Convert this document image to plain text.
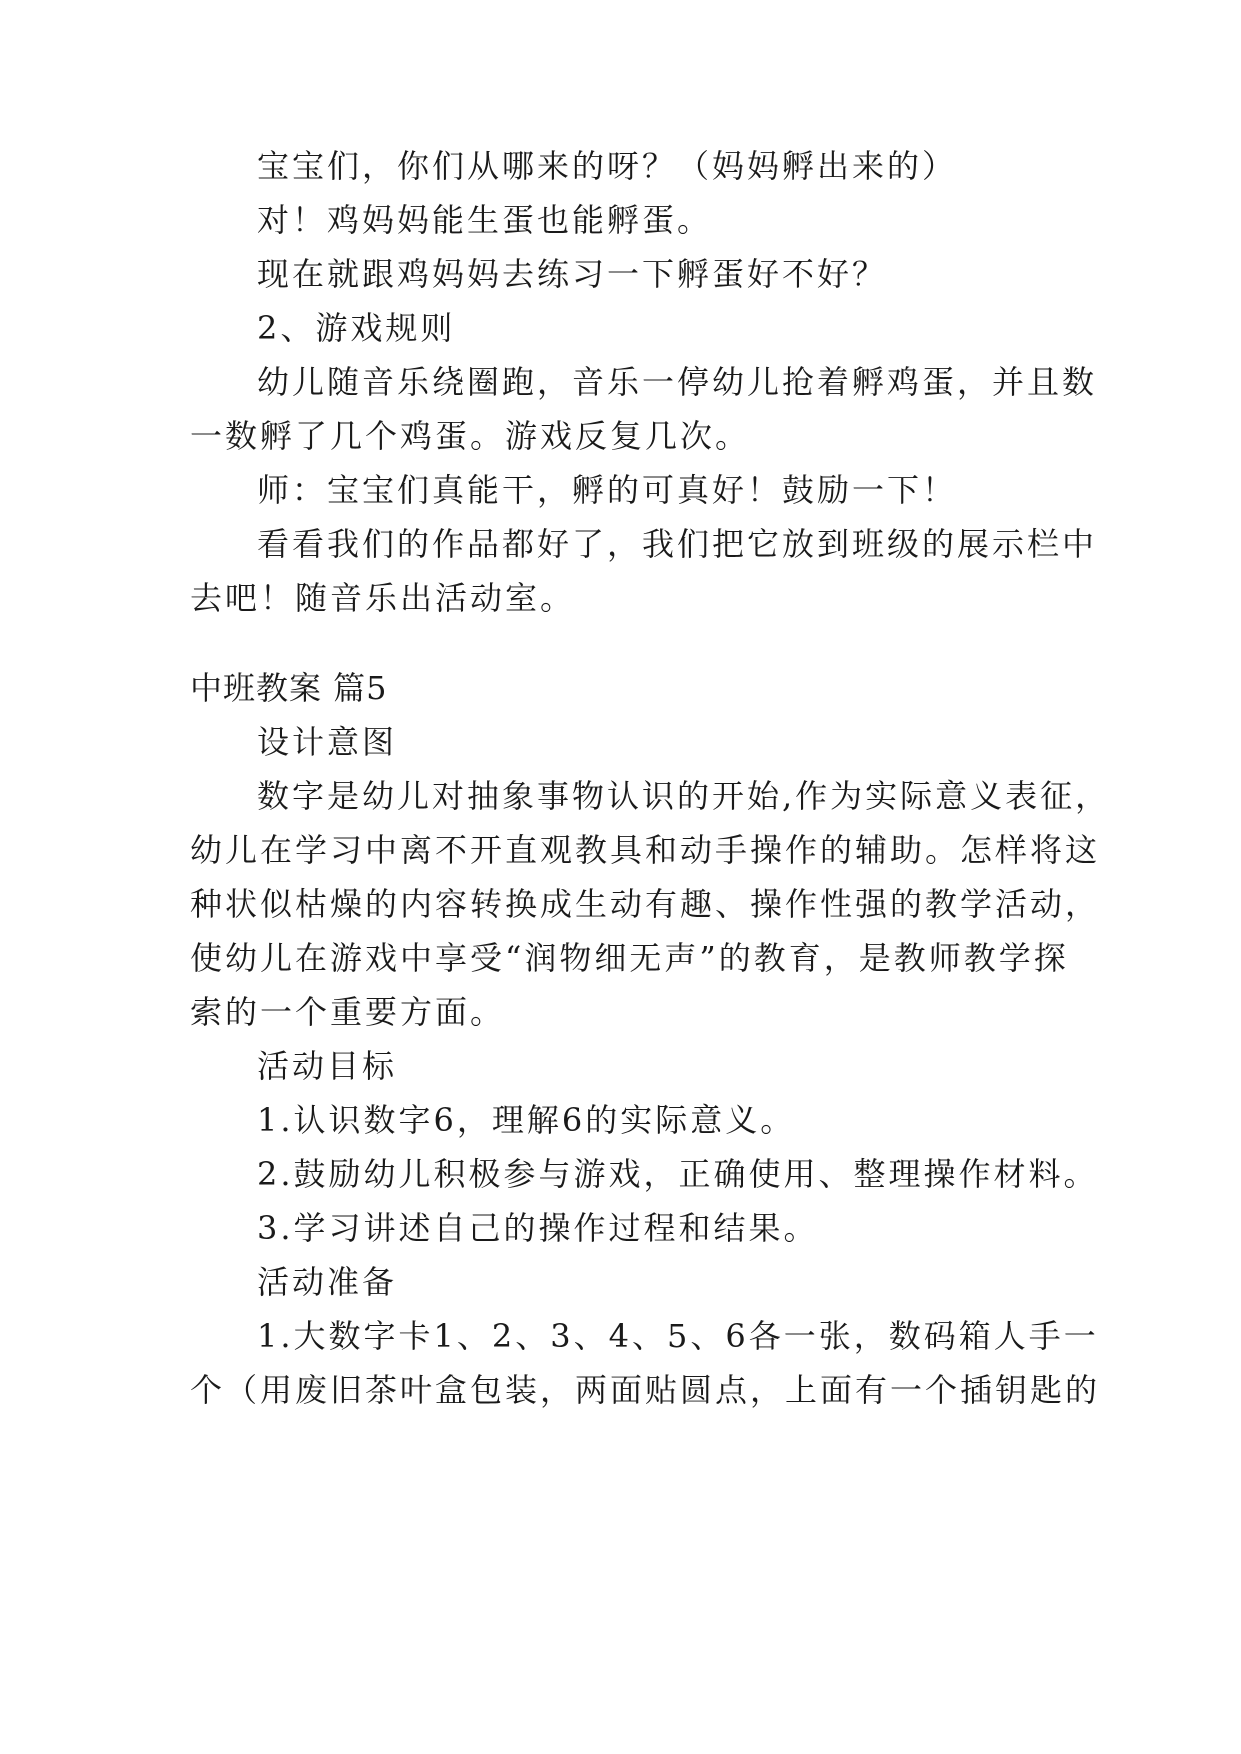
宝宝们，你们从哪来的呀？（妈妈孵出来的）
对！鸡妈妈能生蛋也能孵蛋。
现在就跟鸡妈妈去练习一下孵蛋好不好？
2、游戏规则
幼儿随音乐绕圈跑，音乐一停幼儿抢着孵鸡蛋，并且数
一数孵了几个鸡蛋。游戏反复几次。
师：宝宝们真能干，孵的可真好！鼓励一下！
看看我们的作品都好了，我们把它放到班级的展示栏中
去吧！随音乐出活动室。
中班教案 篇5
设计意图
数字是幼儿对抽象事物认识的开始,作为实际意义表征，
幼儿在学习中离不开直观教具和动手操作的辅助。怎样将这
种状似枯燥的内容转换成生动有趣、操作性强的教学活动，
使幼儿在游戏中享受“润物细无声”的教育，是教师教学探
索的一个重要方面。
活动目标
1.认识数字6，理解6的实际意义。
2.鼓励幼儿积极参与游戏，正确使用、整理操作材料。
3.学习讲述自己的操作过程和结果。
活动准备
1.大数字卡1、2、3、4、5、6各一张，数码箱人手一
个（用废旧茶叶盒包装，两面贴圆点，上面有一个插钥匙的
